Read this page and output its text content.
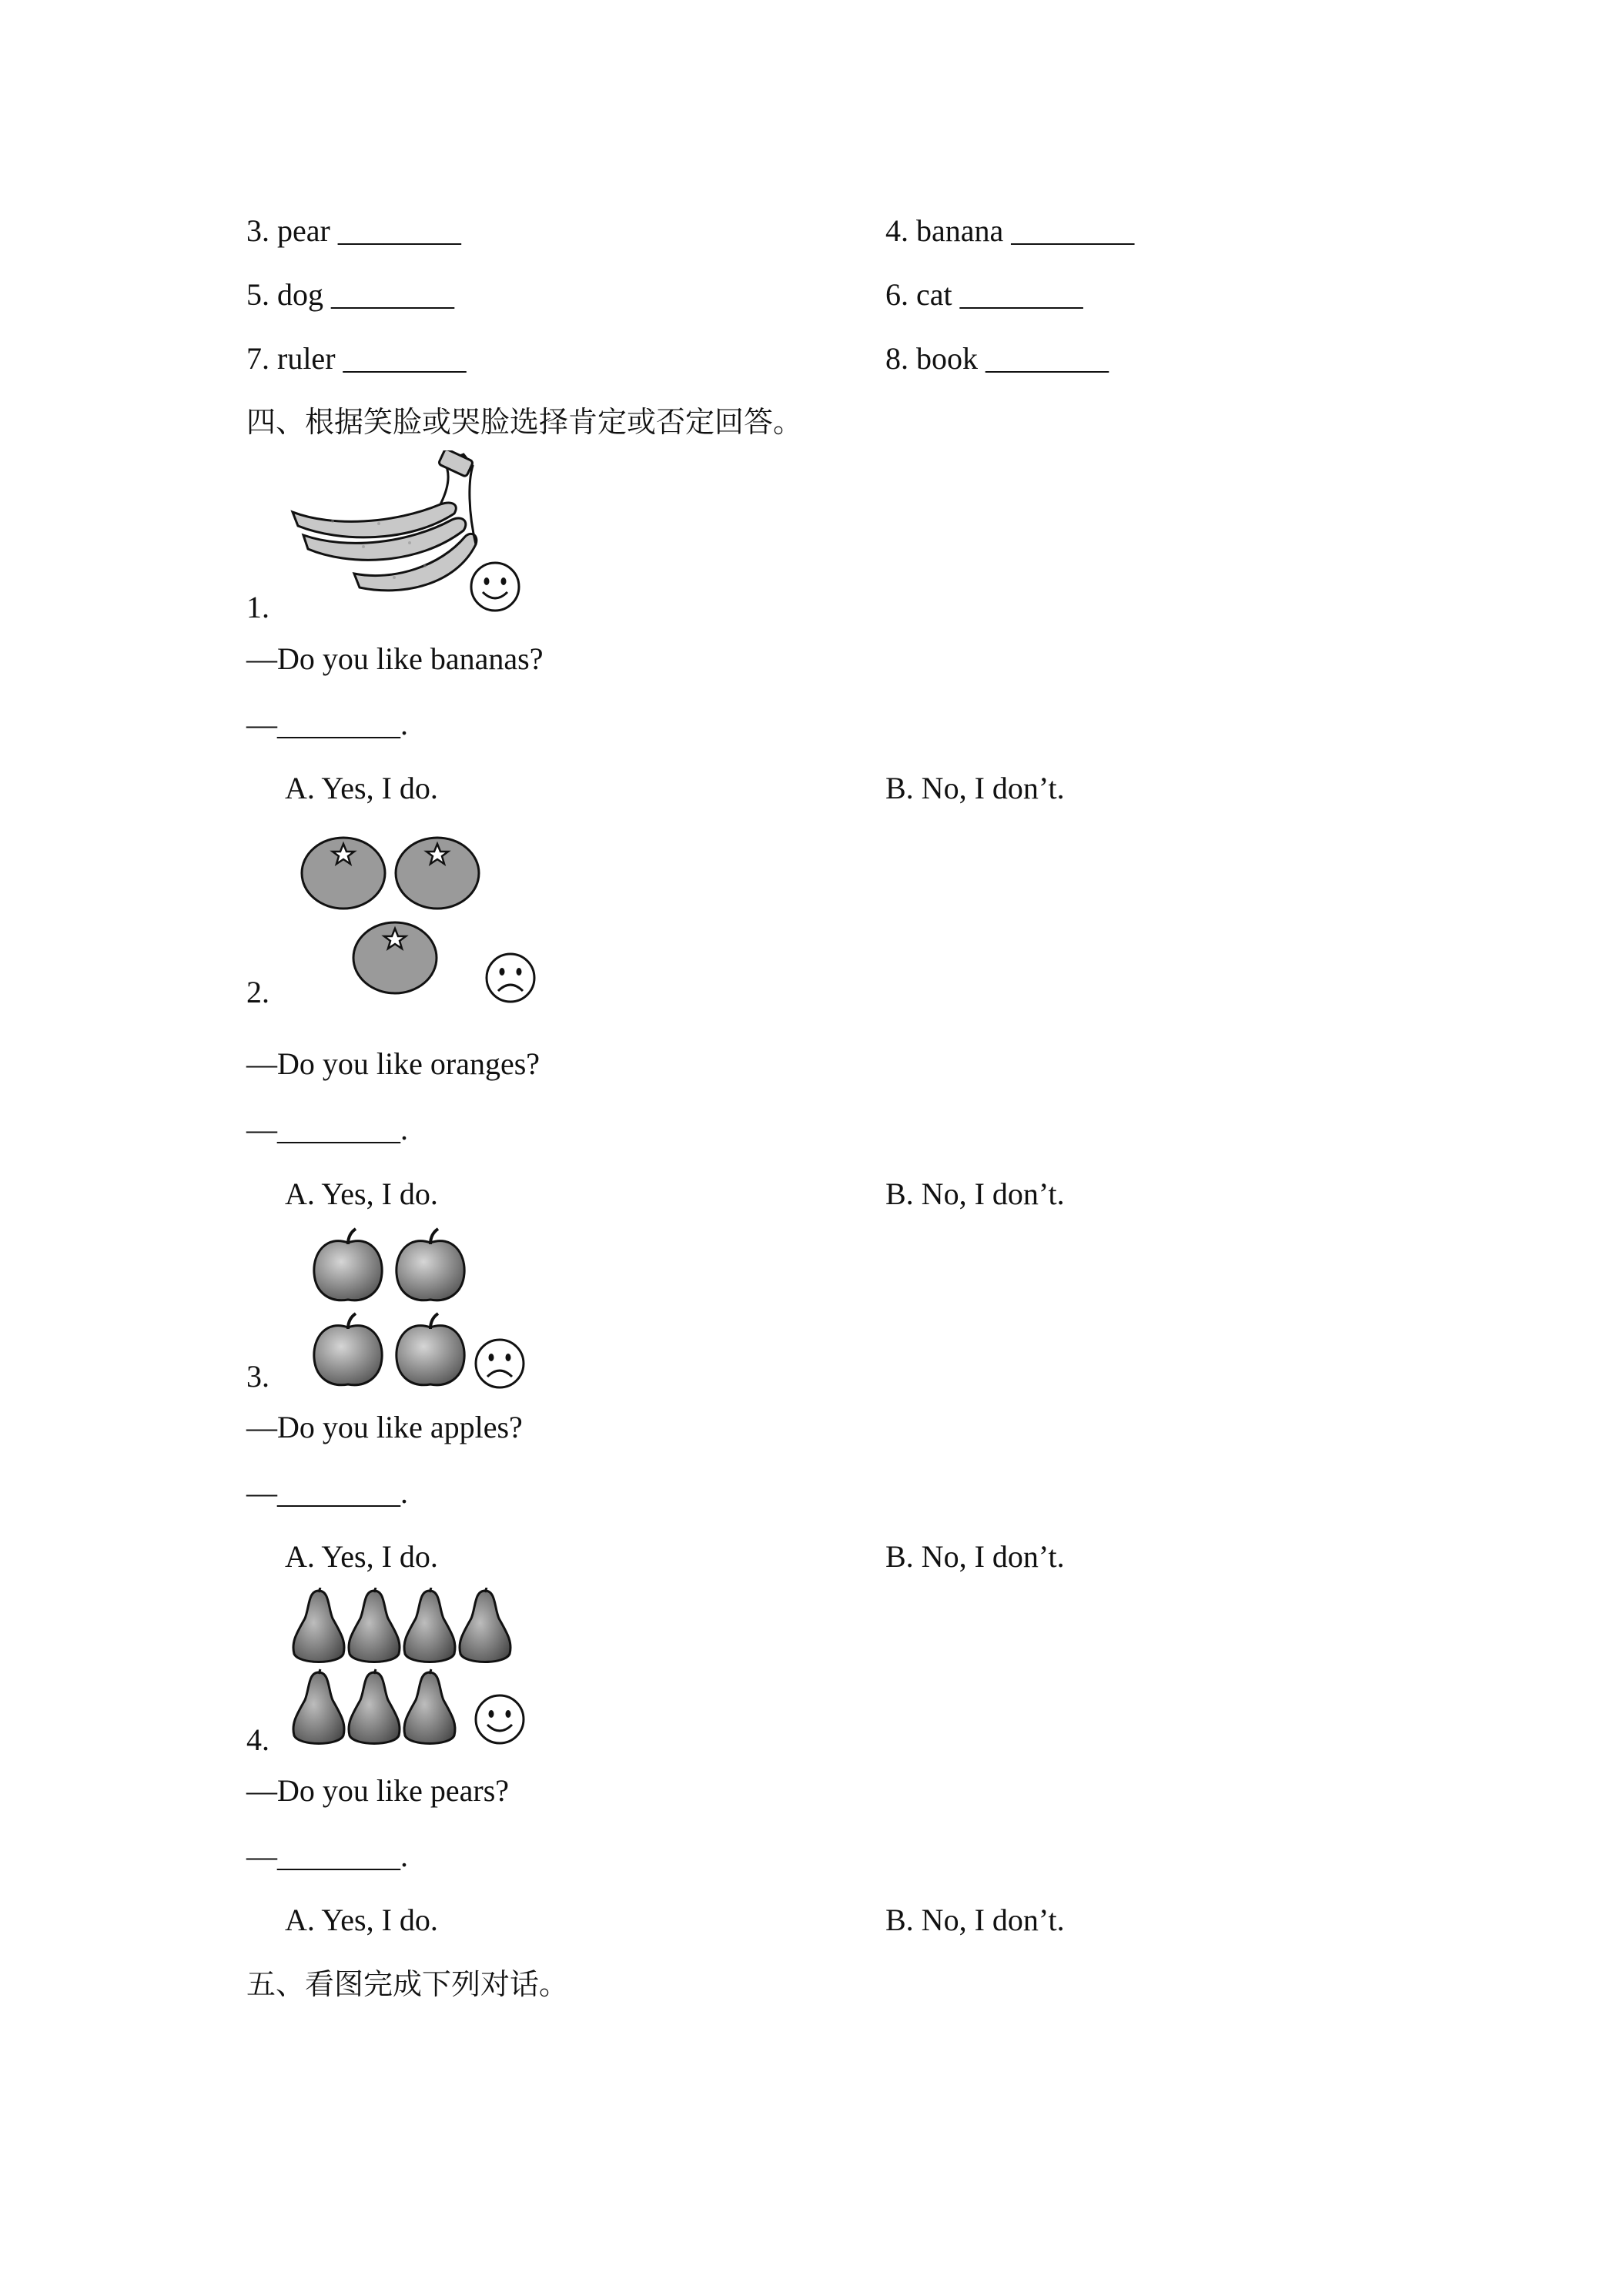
3. pear ________	4. banana ________
5. dog ________	6. cat ________
7. ruler ________	8. book ________
四、根据笑脸或哭脸选择肯定或否定回答。
1.
—Do you like bananas?
—________.
A. Yes, I do.	B. No, I don’t.
2.
—Do you like oranges?
—________.
A. Yes, I do.	B. No, I don’t.
3.
—Do you like apples?
—________.
A. Yes, I do.	B. No, I don’t.
4.
—Do you like pears?
—________.
A. Yes, I do.	B. No, I don’t.
五、看图完成下列对话。
